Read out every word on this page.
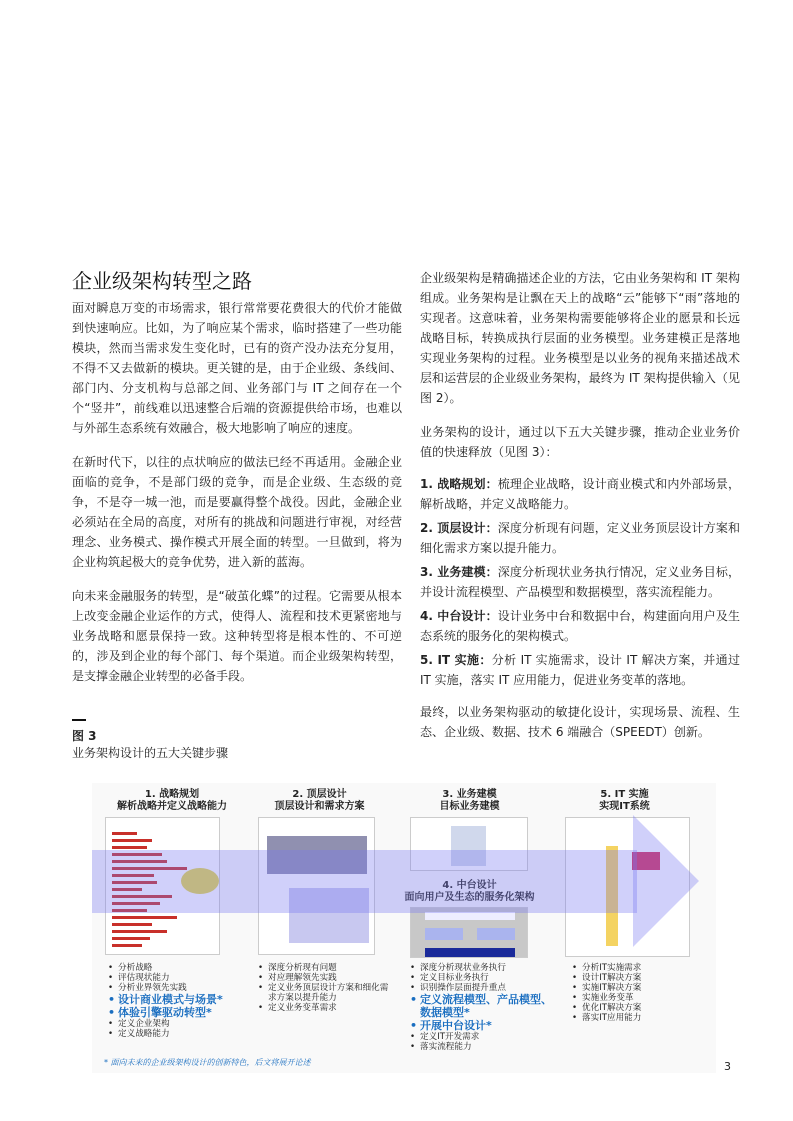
企业级架构转型之路

面对瞬息万变的市场需求，银行常常要花费很大的代价才能做到快速响应。比如，为了响应某个需求，临时搭建了一些功能模块，然而当需求发生变化时，已有的资产没办法充分复用，不得不又去做新的模块。更关键的是，由于企业级、条线间、部门内、分支机构与总部之间、业务部门与 IT 之间存在一个个“竖井”，前线难以迅速整合后端的资源提供给市场，也难以与外部生态系统有效融合，极大地影响了响应的速度。

在新时代下，以往的点状响应的做法已经不再适用。金融企业面临的竞争，不是部门级的竞争，而是企业级、生态级的竞争，不是夺一城一池，而是要赢得整个战役。因此，金融企业必须站在全局的高度，对所有的挑战和问题进行审视，对经营理念、业务模式、操作模式开展全面的转型。一旦做到，将为企业构筑起极大的竞争优势，进入新的蓝海。

向未来金融服务的转型，是“破茧化蝶”的过程。它需要从根本上改变金融企业运作的方式，使得人、流程和技术更紧密地与业务战略和愿景保持一致。这种转型将是根本性的、不可逆的，涉及到企业的每个部门、每个渠道。而企业级架构转型，是支撑金融企业转型的必备手段。

企业级架构是精确描述企业的方法，它由业务架构和 IT 架构组成。业务架构是让飘在天上的战略“云”能够下“雨”落地的实现者。这意味着，业务架构需要能够将企业的愿景和长远战略目标，转换成执行层面的业务模型。业务建模正是落地实现业务架构的过程。业务模型是以业务的视角来描述战术层和运营层的企业级业务架构，最终为 IT 架构提供输入（见图 2）。

业务架构的设计，通过以下五大关键步骤，推动企业业务价值的快速释放（见图 3）：

1. 战略规划：梳理企业战略，设计商业模式和内外部场景，解析战略，并定义战略能力。
2. 顶层设计：深度分析现有问题，定义业务顶层设计方案和细化需求方案以提升能力。
3. 业务建模：深度分析现状业务执行情况，定义业务目标，并设计流程模型、产品模型和数据模型，落实流程能力。
4. 中台设计：设计业务中台和数据中台，构建面向用户及生态系统的服务化的架构模式。
5. IT 实施：分析 IT 实施需求，设计 IT 解决方案，并通过 IT 实施，落实 IT 应用能力，促进业务变革的落地。

最终，以业务架构驱动的敏捷化设计，实现场景、流程、生态、企业级、数据、技术 6 端融合（SPEEDT）创新。

图 3
业务架构设计的五大关键步骤
1. 战略规划
解析战略并定义战略能力
2. 顶层设计
顶层设计和需求方案
3. 业务建模
目标业务建模
5. IT 实施
实现IT系统
4. 中台设计
面向用户及生态的服务化架构
• 分析战略
• 评估现状能力
• 分析业界领先实践
• 设计商业模式与场景*
• 体验引擎驱动转型*
• 定义企业架构
• 定义战略能力
• 深度分析现有问题
• 对应理解领先实践
• 定义业务顶层设计方案和细化需求方案以提升能力
• 定义业务变革需求
• 深度分析现状业务执行
• 定义目标业务执行
• 识别操作层面提升重点
• 定义流程模型、产品模型、数据模型*
• 开展中台设计*
• 定义IT开发需求
• 落实流程能力
• 分析IT实施需求
• 设计IT解决方案
• 实施IT解决方案
• 实施业务变革
• 优化IT解决方案
• 落实IT应用能力
* 面向未来的企业级架构设计的创新特色，后文将展开论述	3
